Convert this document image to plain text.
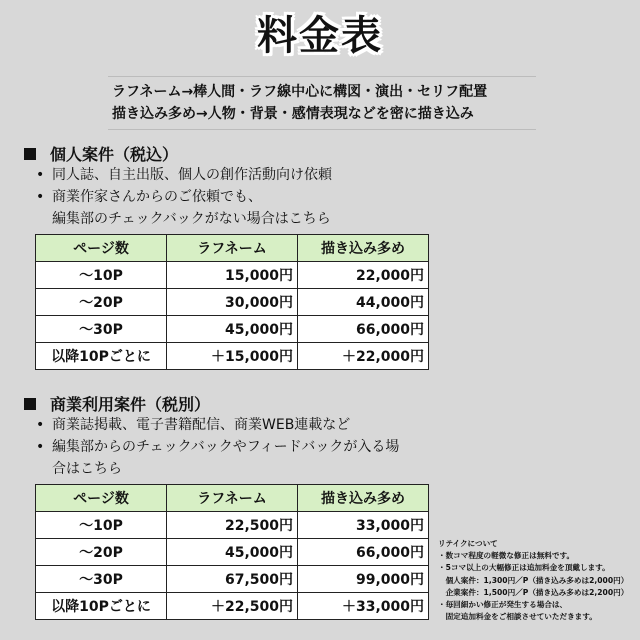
料金表
ラフネーム→棒人間・ラフ線中心に構図・演出・セリフ配置
描き込み多め→人物・背景・感情表現などを密に描き込み
個人案件（税込）
• 同人誌、自主出版、個人の創作活動向け依頼
• 商業作家さんからのご依頼でも、
編集部のチェックバックがない場合はこちら
ページ数	ラフネーム	描き込み多め
〜10P	15,000円	22,000円
〜20P	30,000円	44,000円
〜30P	45,000円	66,000円
以降10Pごとに	＋15,000円	＋22,000円
商業利用案件（税別）
• 商業誌掲載、電子書籍配信、商業WEB連載など
• 編集部からのチェックバックやフィードバックが入る場
合はこちら
ページ数	ラフネーム	描き込み多め
〜10P	22,500円	33,000円
〜20P	45,000円	66,000円
〜30P	67,500円	99,000円
以降10Pごとに	＋22,500円	＋33,000円
リテイクについて
・数コマ程度の軽微な修正は無料です。
・5コマ以上の大幅修正は追加料金を頂戴します。
　個人案件：1,300円／P（描き込み多めは2,000円）
　企業案件：1,500円／P（描き込み多めは2,200円）
・毎回細かい修正が発生する場合は、
　固定追加料金をご相談させていただきます。
